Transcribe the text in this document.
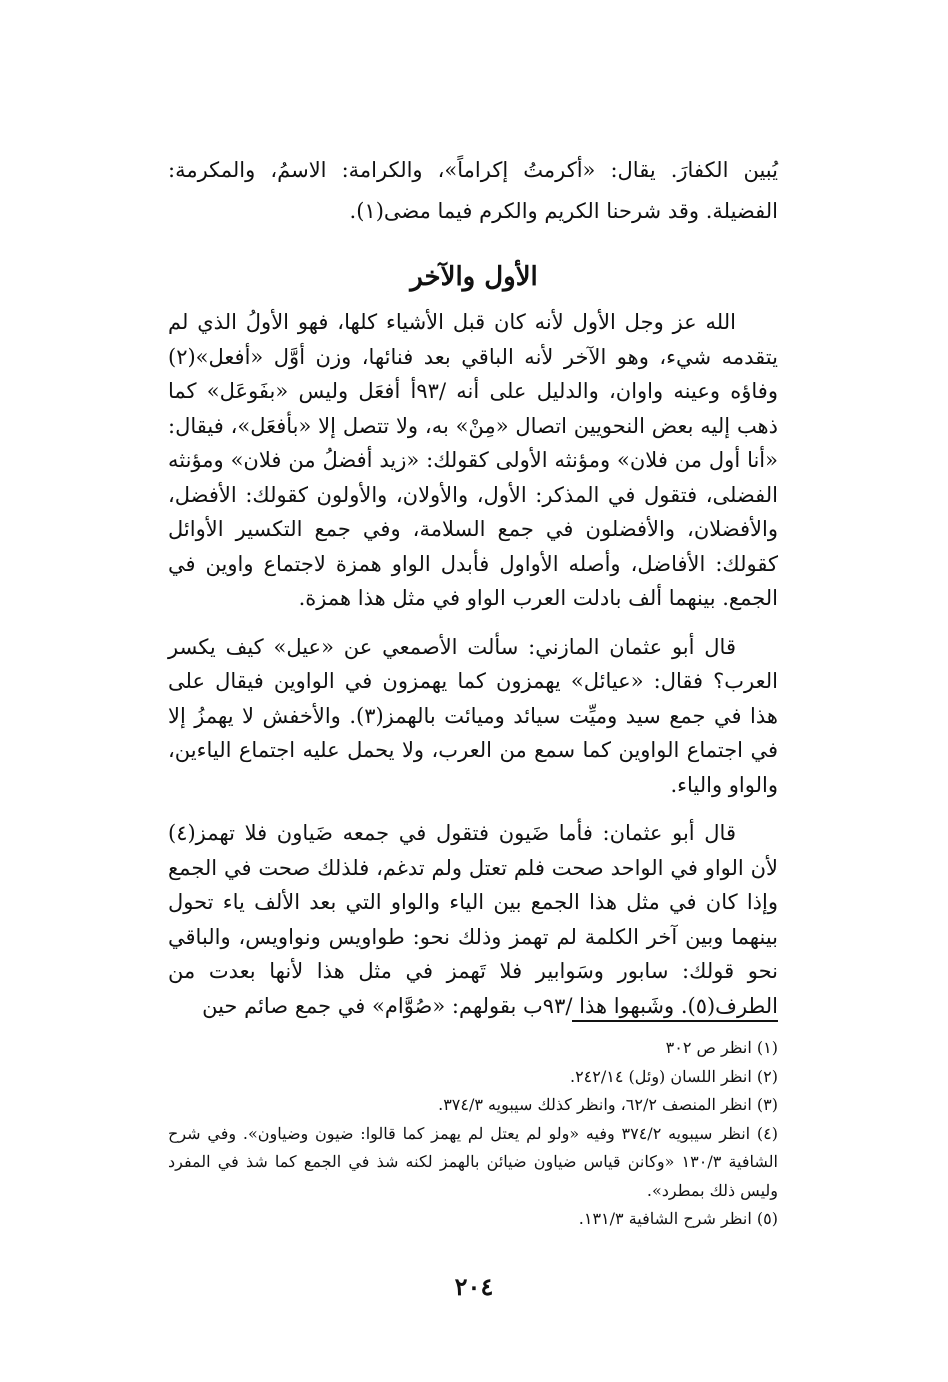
يُبين الكفارَ. يقال: «أكرمتُ إكراماً»، والكرامة: الاسمُ، والمكرمة: الفضيلة. وقد شرحنا الكريم والكرم فيما مضى(١).
الأول والآخر

الله عز وجل الأول لأنه كان قبل الأشياء كلها، فهو الأولُ الذي لم يتقدمه شيء، وهو الآخر لأنه الباقي بعد فنائها، وزن أوَّل «أفعل»(٢) وفاؤه وعينه واوان، والدليل على أنه /٩٣أ أفعَل وليس «بفَوعَل» كما ذهب إليه بعض النحويين اتصال «مِنْ» به، ولا تتصل إلا «بأفعَل»، فيقال: «أنا أول من فلان» ومؤنثه الأولى كقولك: «زيد أفضلُ من فلان» ومؤنثه الفضلى، فتقول في المذكر: الأول، والأولان، والأولون كقولك: الأفضل، والأفضلان، والأفضلون في جمع السلامة، وفي جمع التكسير الأوائل كقولك: الأفاضل، وأصله الأواول فأبدل الواو همزة لاجتماع واوين في الجمع. بينهما ألف بادلت العرب الواو في مثل هذا همزة.

قال أبو عثمان المازني: سألت الأصمعي عن «عيل» كيف يكسر العرب؟ فقال: «عيائل» يهمزون كما يهمزون في الواوين فيقال على هذا في جمع سيد وميِّت سيائد وميائت بالهمز(٣). والأخفش لا يهمزُ إلا في اجتماع الواوين كما سمع من العرب، ولا يحمل عليه اجتماع الياءين، والواو والياء.

قال أبو عثمان: فأما ضَيون فتقول في جمعه ضَياون فلا تهمز(٤) لأن الواو في الواحد صحت فلم تعتل ولم تدغم، فلذلك صحت في الجمع وإذا كان في مثل هذا الجمع بين الياء والواو التي بعد الألف ياء تحول بينهما وبين آخر الكلمة لم تهمز وذلك نحو: طواويس ونواويس، والباقي نحو قولك: سابور وسَوابير فلا تَهمز في مثل هذا لأنها بعدت من الطرف(٥). وشَبهوا هذا /٩٣ب بقولهم: «صُوَّام» في جمع صائم حين

(١) انظر ص ٣٠٢

(٢) انظر اللسان (وئل) ٢٤٢/١٤.

(٣) انظر المنصف ٦٢/٢، وانظر كذلك سيبويه ٣٧٤/٣.

(٤) انظر سيبويه ٣٧٤/٢ وفيه «ولو لم يعتل لم يهمز كما قالوا: ضيون وضياون». وفي شرح الشافية ١٣٠/٣ «وكانن قياس ضياون ضيائن بالهمز لكنه شذ في الجمع كما شذ في المفرد وليس ذلك بمطرد».

(٥) انظر شرح الشافية ١٣١/٣.

٢٠٤
